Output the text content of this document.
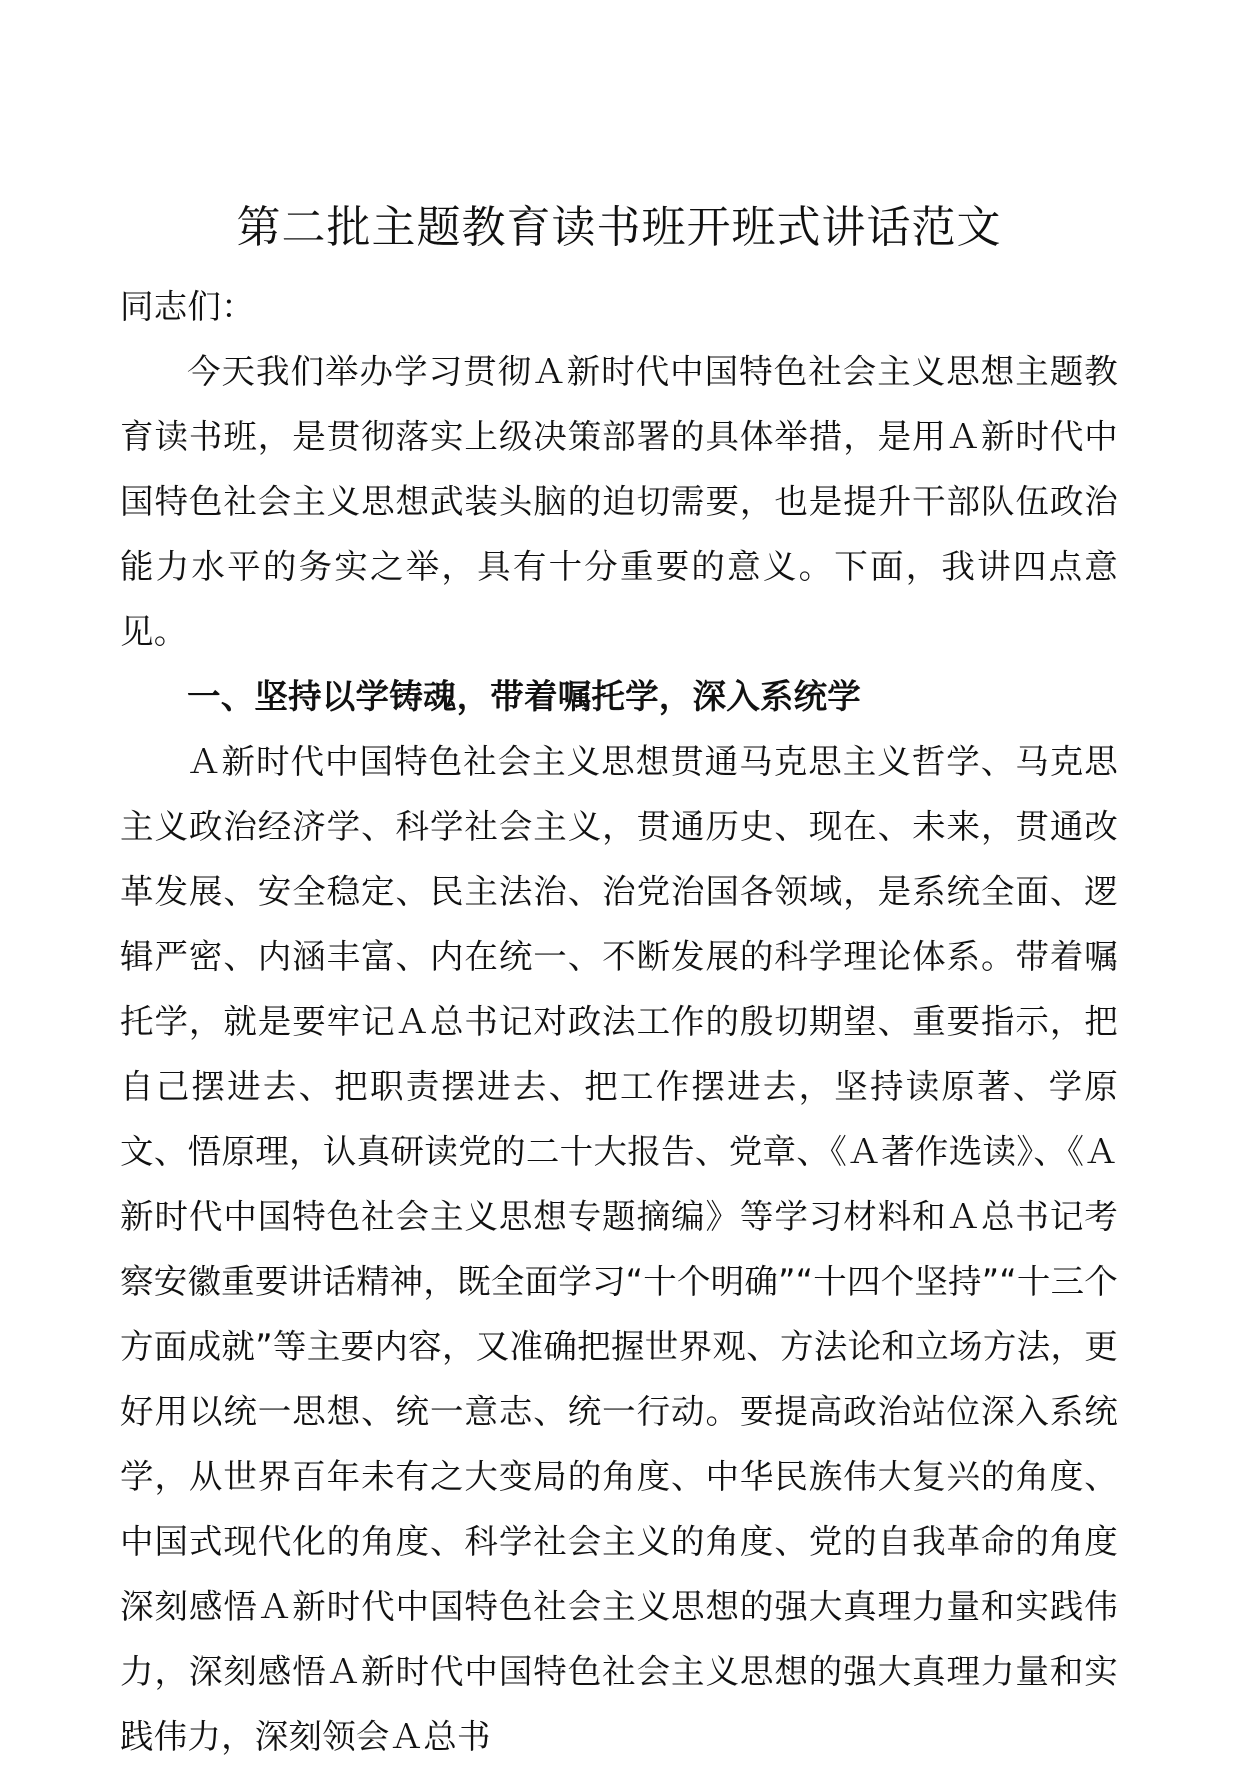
第二批主题教育读书班开班式讲话范文

同志们：

今天我们举办学习贯彻Ａ新时代中国特色社会主义思想主题教育读书班，是贯彻落实上级决策部署的具体举措，是用Ａ新时代中国特色社会主义思想武装头脑的迫切需要，也是提升干部队伍政治能力水平的务实之举，具有十分重要的意义。下面，我讲四点意见。

一、坚持以学铸魂，带着嘱托学，深入系统学

Ａ新时代中国特色社会主义思想贯通马克思主义哲学、马克思主义政治经济学、科学社会主义，贯通历史、现在、未来，贯通改革发展、安全稳定、民主法治、治党治国各领域，是系统全面、逻辑严密、内涵丰富、内在统一、不断发展的科学理论体系。带着嘱托学，就是要牢记Ａ总书记对政法工作的殷切期望、重要指示，把自己摆进去、把职责摆进去、把工作摆进去，坚持读原著、学原文、悟原理，认真研读党的二十大报告、党章、《Ａ著作选读》、《Ａ新时代中国特色社会主义思想专题摘编》等学习材料和Ａ总书记考察安徽重要讲话精神，既全面学习“十个明确”“十四个坚持”“十三个方面成就”等主要内容，又准确把握世界观、方法论和立场方法，更好用以统一思想、统一意志、统一行动。要提高政治站位深入系统学，从世界百年未有之大变局的角度、中华民族伟大复兴的角度、中国式现代化的角度、科学社会主义的角度、党的自我革命的角度深刻感悟Ａ新时代中国特色社会主义思想的强大真理力量和实践伟力，深刻感悟Ａ新时代中国特色社会主义思想的强大真理力量和实践伟力，深刻领会Ａ总书
